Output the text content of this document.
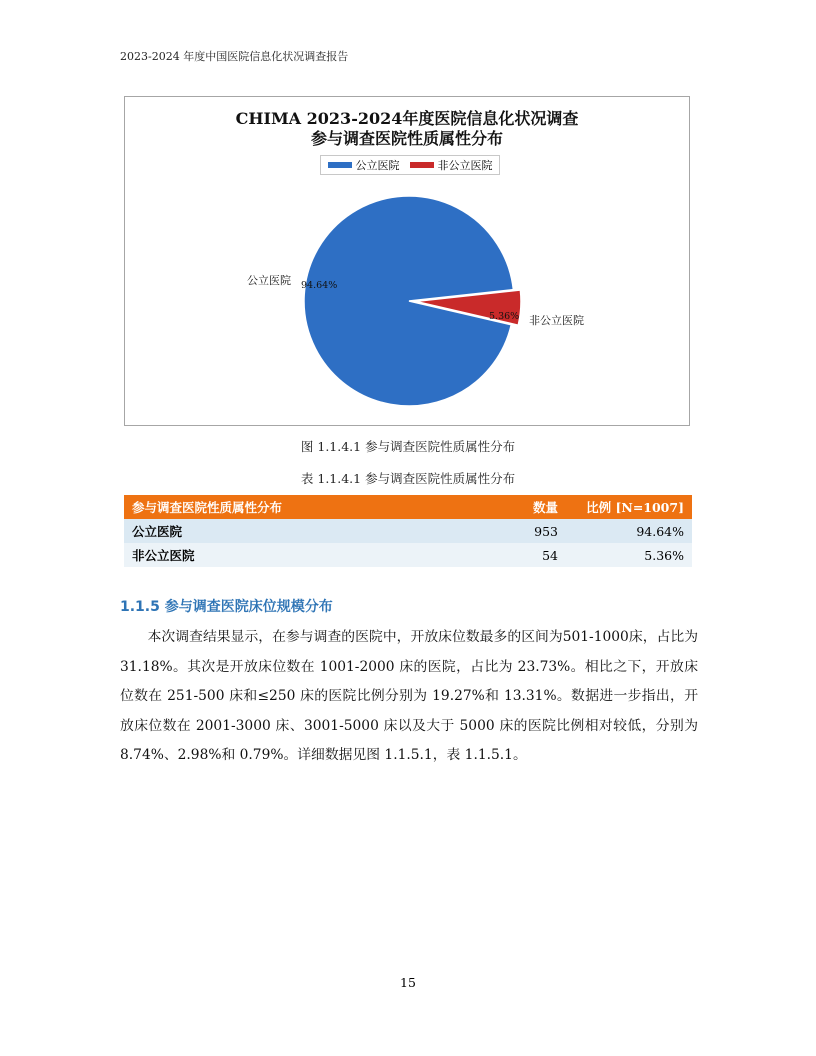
2023-2024 年度中国医院信息化状况调查报告
CHIMA 2023-2024年度医院信息化状况调查
参与调查医院性质属性分布
公立医院	非公立医院
公立医院 94.64%
5.36% 非公立医院
图 1.1.4.1 参与调查医院性质属性分布
表 1.1.4.1 参与调查医院性质属性分布
参与调查医院性质属性分布	数量	比例 [N=1007]
公立医院	953	94.64%
非公立医院	54	5.36%
1.1.5 参与调查医院床位规模分布

本次调查结果显示，在参与调查的医院中，开放床位数最多的区间为501-1000床，占比为 31.18%。其次是开放床位数在 1001-2000 床的医院，占比为 23.73%。相比之下，开放床位数在 251-500 床和≤250 床的医院比例分别为 19.27%和 13.31%。数据进一步指出，开放床位数在 2001-3000 床、3001-5000 床以及大于 5000 床的医院比例相对较低，分别为 8.74%、2.98%和 0.79%。详细数据见图 1.1.5.1，表 1.1.5.1。

15
